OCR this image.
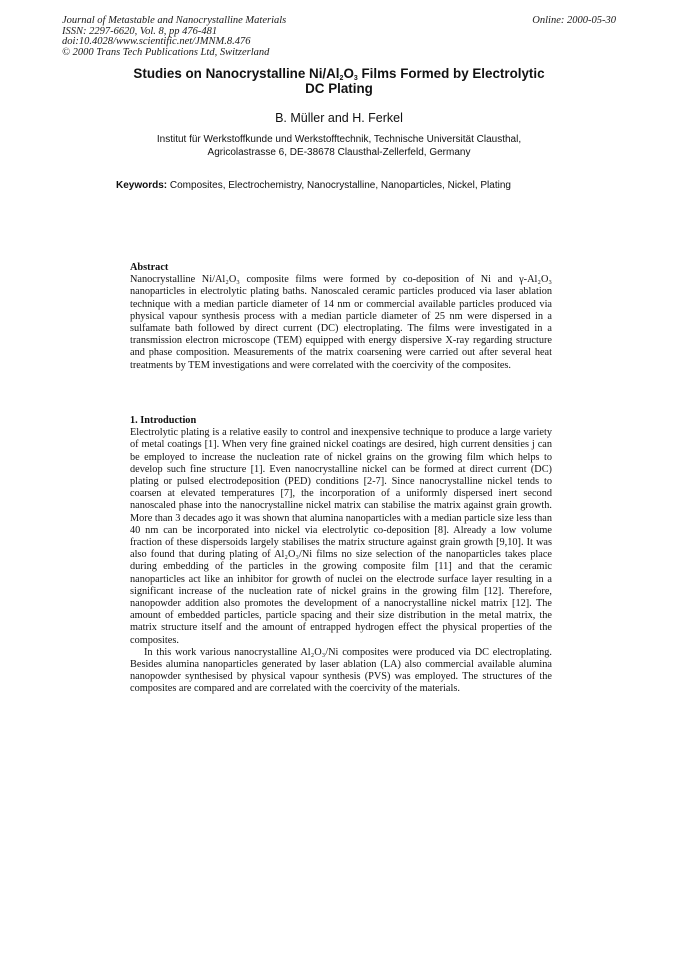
Journal of Metastable and Nanocrystalline Materials
ISSN: 2297-6620, Vol. 8, pp 476-481
doi:10.4028/www.scientific.net/JMNM.8.476
© 2000 Trans Tech Publications Ltd, Switzerland
Online: 2000-05-30
Studies on Nanocrystalline $Ni/Al_2O_3$ Films Formed by Electrolytic
DC Plating
B. Müller and H. Ferkel
Institut für Werkstoffkunde und Werkstofftechnik, Technische Universität Clausthal,
Agricolastrasse 6, DE-38678 Clausthal-Zellerfeld, Germany
Keywords: Composites, Electrochemistry, Nanocrystalline, Nanoparticles, Nickel, Plating
Abstract

Nanocrystalline Ni/Al₂O₃ composite films were formed by co-deposition of Ni and γ-Al₂O₃ nanoparticles in electrolytic plating baths. Nanoscaled ceramic particles produced via laser ablation technique with a median particle diameter of 14 nm or commercial available particles produced via physical vapour synthesis process with a median particle diameter of 25 nm were dispersed in a sulfamate bath followed by direct current (DC) electroplating. The films were investigated in a transmission electron microscope (TEM) equipped with energy dispersive X-ray regarding structure and phase composition. Measurements of the matrix coarsening were carried out after several heat treatments by TEM investigations and were correlated with the coercivity of the composites.

1. Introduction

Electrolytic plating is a relative easily to control and inexpensive technique to produce a large variety of metal coatings [1]. When very fine grained nickel coatings are desired, high current densities j can be employed to increase the nucleation rate of nickel grains on the growing film which helps to develop such fine structure [1]. Even nanocrystalline nickel can be formed at direct current (DC) plating or pulsed electrodeposition (PED) conditions [2-7]. Since nanocrystalline nickel tends to coarsen at elevated temperatures [7], the incorporation of a uniformly dispersed inert second nanoscaled phase into the nanocrystalline nickel matrix can stabilise the matrix against grain growth. More than 3 decades ago it was shown that alumina nanoparticles with a median particle size less than 40 nm can be incorporated into nickel via electrolytic co-deposition [8]. Already a low volume fraction of these dispersoids largely stabilises the matrix structure against grain growth [9,10]. It was also found that during plating of Al₂O₃/Ni films no size selection of the nanoparticles takes place during embedding of the particles in the growing composite film [11] and that the ceramic nanoparticles act like an inhibitor for growth of nuclei on the electrode surface layer resulting in a significant increase of the nucleation rate of nickel grains in the growing film [12]. Therefore, nanopowder addition also promotes the development of a nanocrystalline nickel matrix [12]. The amount of embedded particles, particle spacing and their size distribution in the metal matrix, the matrix structure itself and the amount of entrapped hydrogen effect the physical properties of the composites.

In this work various nanocrystalline Al₂O₃/Ni composites were produced via DC electroplating. Besides alumina nanoparticles generated by laser ablation (LA) also commercial available alumina nanopowder synthesised by physical vapour synthesis (PVS) was employed. The structures of the composites are compared and are correlated with the coercivity of the materials.
